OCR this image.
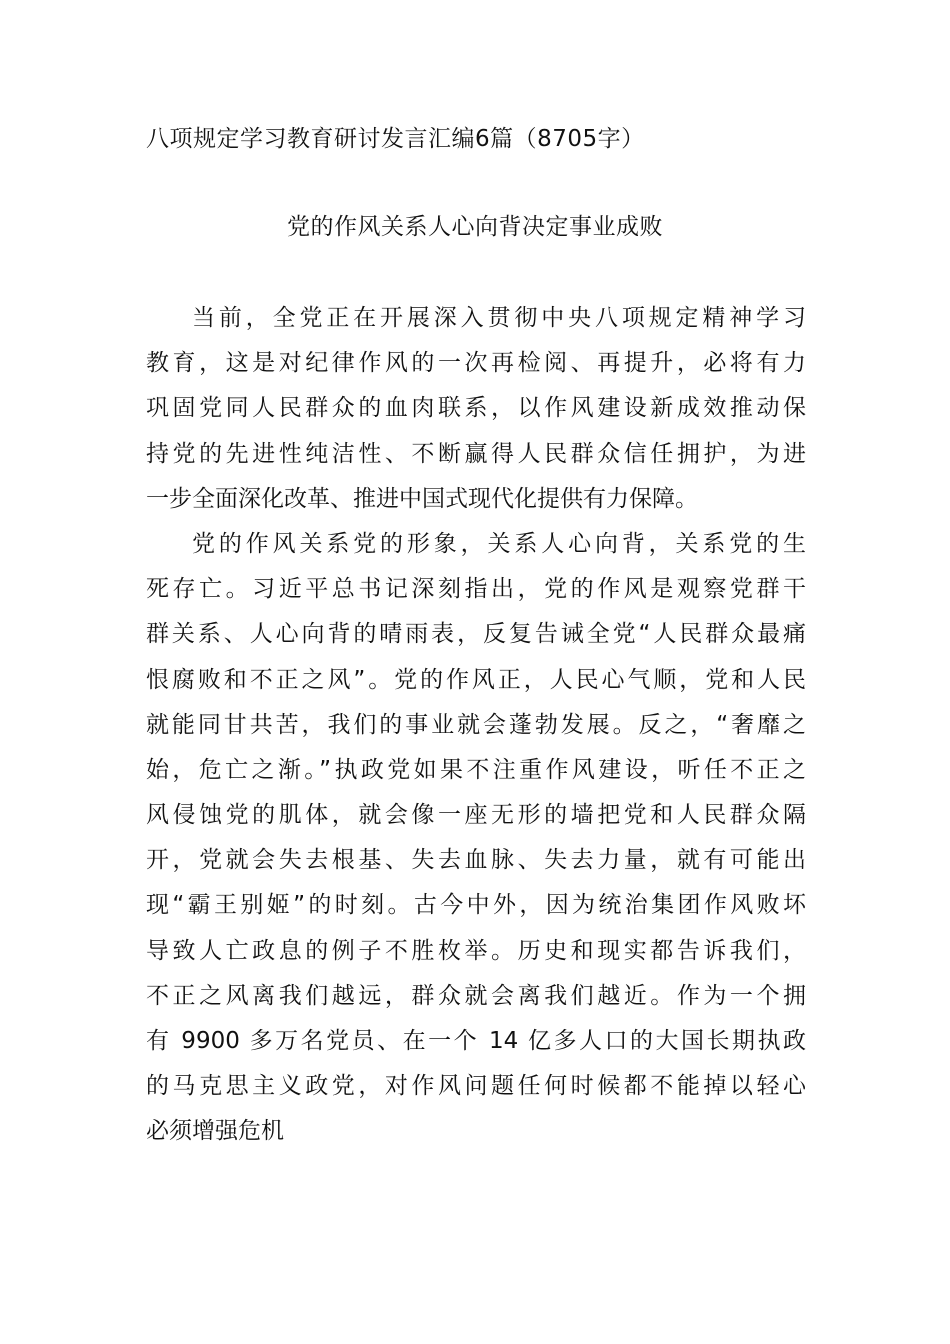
八项规定学习教育研讨发言汇编6篇（8705字）
党的作风关系人心向背决定事业成败

当前，全党正在开展深入贯彻中央八项规定精神学习
教育，这是对纪律作风的一次再检阅、再提升，必将有力
巩固党同人民群众的血肉联系，以作风建设新成效推动保
持党的先进性纯洁性、不断赢得人民群众信任拥护，为进
一步全面深化改革、推进中国式现代化提供有力保障。

党的作风关系党的形象，关系人心向背，关系党的生
死存亡。习近平总书记深刻指出，党的作风是观察党群干
群关系、人心向背的晴雨表，反复告诫全党“人民群众最痛
恨腐败和不正之风”。党的作风正，人民心气顺，党和人民
就能同甘共苦，我们的事业就会蓬勃发展。反之，“奢靡之
始，危亡之渐。”执政党如果不注重作风建设，听任不正之
风侵蚀党的肌体，就会像一座无形的墙把党和人民群众隔
开，党就会失去根基、失去血脉、失去力量，就有可能出
现“霸王别姬”的时刻。古今中外，因为统治集团作风败坏
导致人亡政息的例子不胜枚举。历史和现实都告诉我们，
不正之风离我们越远，群众就会离我们越近。作为一个拥
有 9900 多万名党员、在一个 14 亿多人口的大国长期执政
的马克思主义政党，对作风问题任何时候都不能掉以轻心
必须增强危机
